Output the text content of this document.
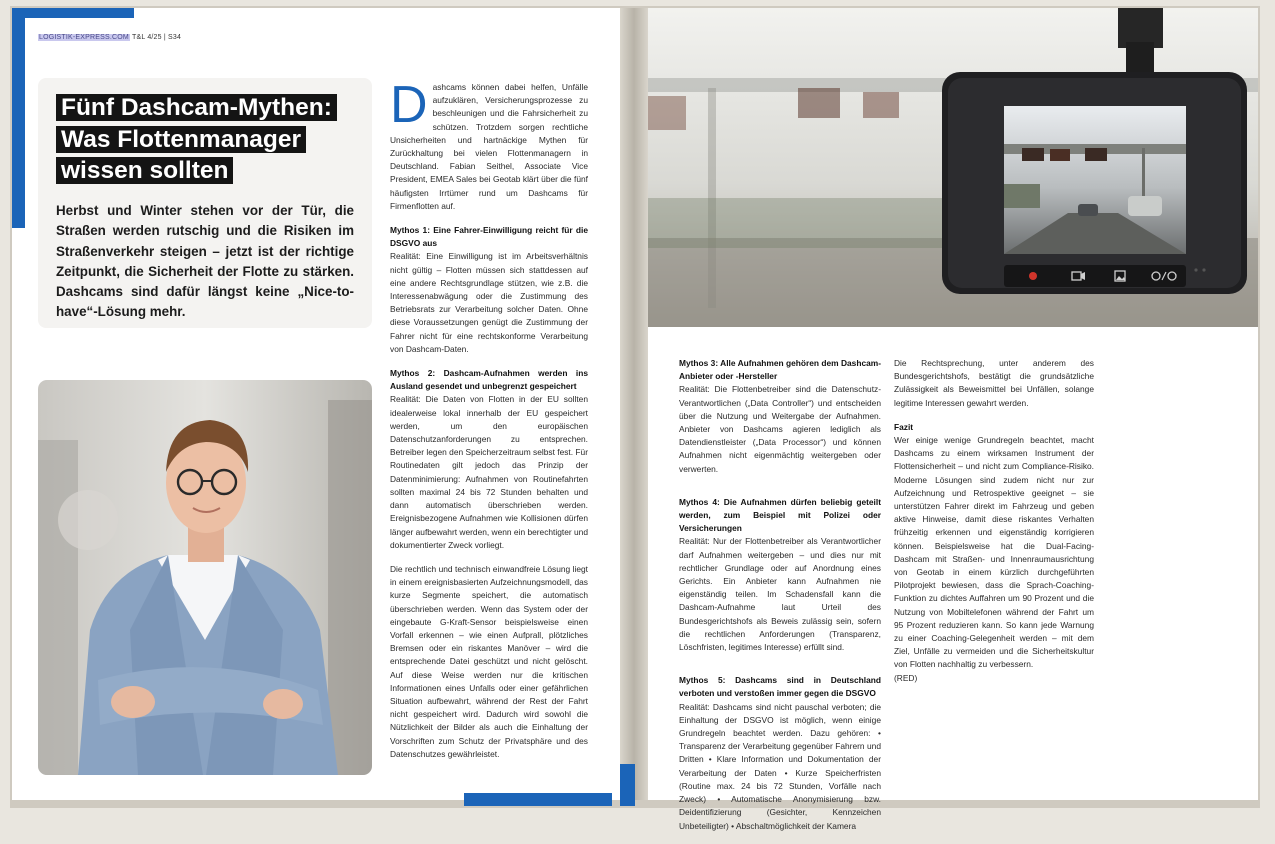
LOGISTIK-EXPRESS.COM T&L 4/25 | S34
Fünf Dashcam-Mythen:
Was Flottenmanager
wissen sollten
Herbst und Winter stehen vor der Tür, die Straßen werden rutschig und die Risiken im Straßenverkehr steigen – jetzt ist der richtige Zeitpunkt, die Sicherheit der Flotte zu stärken. Dashcams sind dafür längst keine „Nice-to-have“-Lösung mehr.

Dashcams können dabei helfen, Unfälle aufzuklären, Versicherungsprozesse zu beschleunigen und die Fahrsicherheit zu schützen. Trotzdem sorgen rechtliche Unsicherheiten und hartnäckige Mythen für Zurückhaltung bei vielen Flottenmanagern in Deutschland. Fabian Seithel, Associate Vice President, EMEA Sales bei Geotab klärt über die fünf häufigsten Irrtümer rund um Dashcams für Firmenflotten auf.

Mythos 1: Eine Fahrer-Einwilligung reicht für die DSGVO aus
Realität: Eine Einwilligung ist im Arbeitsverhältnis nicht gültig – Flotten müssen sich stattdessen auf eine andere Rechtsgrundlage stützen, wie z.B. die Interessenabwägung oder die Zustimmung des Betriebsrats zur Verarbeitung solcher Daten. Ohne diese Voraussetzungen genügt die Zustimmung der Fahrer nicht für eine rechtskonforme Verarbeitung von Dashcam-Daten.

Mythos 2: Dashcam-Aufnahmen werden ins Ausland gesendet und unbegrenzt gespeichert
Realität: Die Daten von Flotten in der EU sollten idealerweise lokal innerhalb der EU gespeichert werden, um den europäischen Datenschutzanforderungen zu entsprechen. Betreiber legen den Speicherzeitraum selbst fest. Für Routinedaten gilt jedoch das Prinzip der Datenminimierung: Aufnahmen von Routinefahrten sollten maximal 24 bis 72 Stunden behalten und dann automatisch überschrieben werden. Ereignisbezogene Aufnahmen wie Kollisionen dürfen länger aufbewahrt werden, wenn ein berechtigter und dokumentierter Zweck vorliegt.

Die rechtlich und technisch einwandfreie Lösung liegt in einem ereignisbasierten Aufzeichnungsmodell, das kurze Segmente speichert, die automatisch überschrieben werden. Wenn das System oder der eingebaute G-Kraft-Sensor beispielsweise einen Vorfall erkennen – wie einen Aufprall, plötzliches Bremsen oder ein riskantes Manöver – wird die entsprechende Datei geschützt und nicht gelöscht. Auf diese Weise werden nur die kritischen Informationen eines Unfalls oder einer gefährlichen Situation aufbewahrt, während der Rest der Fahrt nicht gespeichert wird. Dadurch wird sowohl die Nützlichkeit der Bilder als auch die Einhaltung der Vorschriften zum Schutz der Privatsphäre und des Datenschutzes gewährleistet.

Mythos 3: Alle Aufnahmen gehören dem Dashcam-Anbieter oder -Hersteller
Realität: Die Flottenbetreiber sind die Datenschutz-Verantwortlichen („Data Controller“) und entscheiden über die Nutzung und Weitergabe der Aufnahmen. Anbieter von Dashcams agieren lediglich als Datendienstleister („Data Processor“) und können Aufnahmen nicht eigenmächtig weitergeben oder verwerten.

Mythos 4: Die Aufnahmen dürfen beliebig geteilt werden, zum Beispiel mit Polizei oder Versicherungen
Realität: Nur der Flottenbetreiber als Verantwortlicher darf Aufnahmen weitergeben – und dies nur mit rechtlicher Grundlage oder auf Anordnung eines Gerichts. Ein Anbieter kann Aufnahmen nie eigenständig teilen. Im Schadensfall kann die Dashcam-Aufnahme laut Urteil des Bundesgerichtshofs als Beweis zulässig sein, sofern die rechtlichen Anforderungen (Transparenz, Löschfristen, legitimes Interesse) erfüllt sind.

Mythos 5: Dashcams sind in Deutschland verboten und verstoßen immer gegen die DSGVO
Realität: Dashcams sind nicht pauschal verboten; die Einhaltung der DSGVO ist möglich, wenn einige Grundregeln beachtet werden. Dazu gehören: • Transparenz der Verarbeitung gegenüber Fahrern und Dritten • Klare Information und Dokumentation der Verarbeitung der Daten • Kurze Speicherfristen (Routine max. 24 bis 72 Stunden, Vorfälle nach Zweck) • Automatische Anonymisierung bzw. Deidentifizierung (Gesichter, Kennzeichen Unbeteiligter) • Abschaltmöglichkeit der Kamera

Die Rechtsprechung, unter anderem des Bundesgerichtshofs, bestätigt die grundsätzliche Zulässigkeit als Beweismittel bei Unfällen, solange legitime Interessen gewahrt werden.

Fazit
Wer einige wenige Grundregeln beachtet, macht Dashcams zu einem wirksamen Instrument der Flottensicherheit – und nicht zum Compliance-Risiko. Moderne Lösungen sind zudem nicht nur zur Aufzeichnung und Retrospektive geeignet – sie unterstützen Fahrer direkt im Fahrzeug und geben aktive Hinweise, damit diese riskantes Verhalten frühzeitig erkennen und eigenständig korrigieren können. Beispielsweise hat die Dual-Facing-Dashcam mit Straßen- und Innenraumausrichtung von Geotab in einem kürzlich durchgeführten Pilotprojekt bewiesen, dass die Sprach-Coaching-Funktion zu dichtes Auffahren um 90 Prozent und die Nutzung von Mobiltelefonen während der Fahrt um 95 Prozent reduzieren kann. So kann jede Warnung zu einer Coaching-Gelegenheit werden – mit dem Ziel, Unfälle zu vermeiden und die Sicherheitskultur von Flotten nachhaltig zu verbessern.
(RED)
